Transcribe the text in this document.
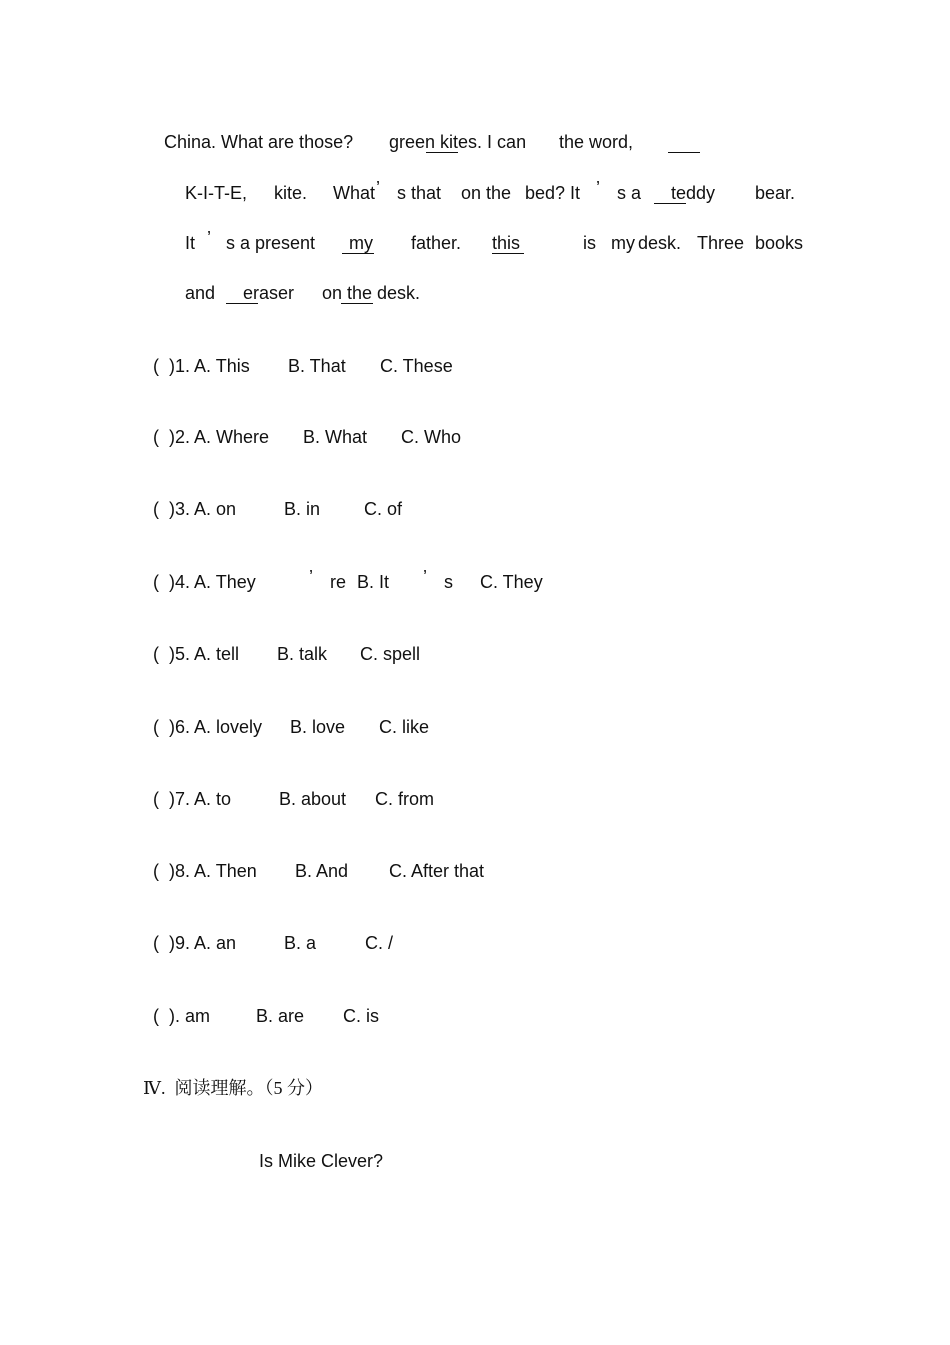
China. What are those? green kites. I can the word,
K-I-T-E, kite. What ’ s that on the bed? It ’ s a teddy bear.
It ’ s a present my father. this	is my desk. Three books
and eraser on the desk.
(  )1. A. This B. That C. These
(  )2. A. Where B. What C. Who
(  )3. A. on	B. in C. of
(  )4. A. They	’ re B. It ’ s C. They
(  )5. A. tell B. talk C. spell
(  )6. A. lovely B. love C. like
(  )7. A. to	B. about C. from
(  )8. A. Then B. And C. After that
(  )9. A. an	B. a	C. /
(  ). am	B. are C. is
Ⅳ.  阅读理解。（5 分）
Is Mike Clever?
